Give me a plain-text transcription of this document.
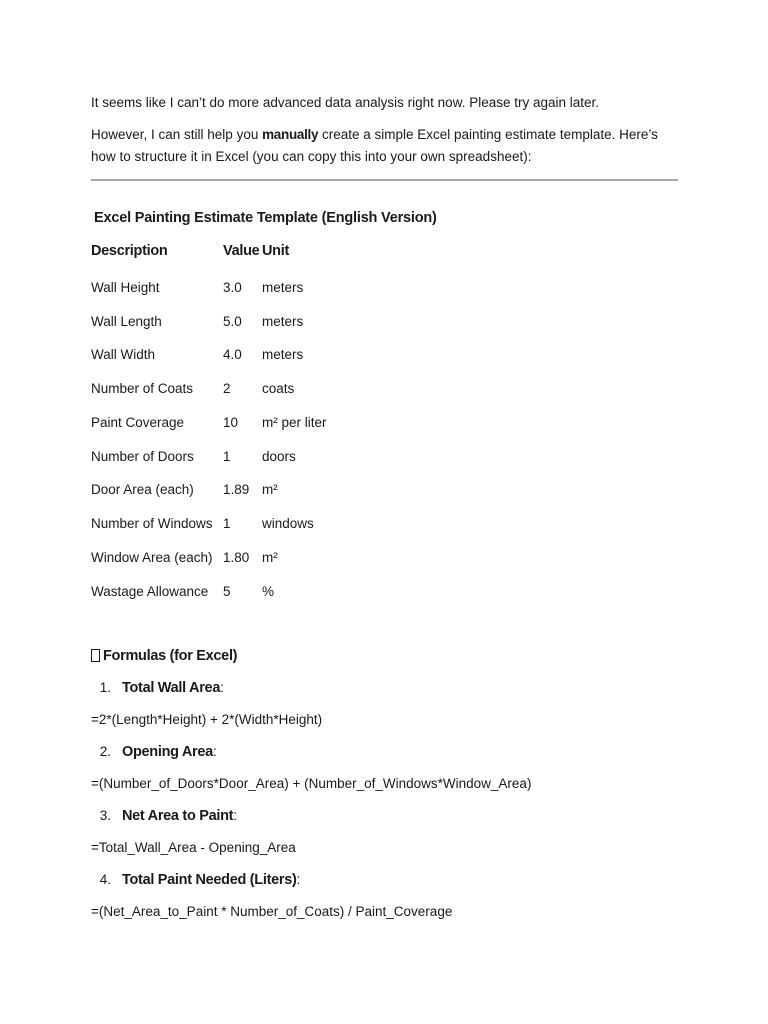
It seems like I can’t do more advanced data analysis right now. Please try again later.
However, I can still help you manually create a simple Excel painting estimate template. Here’s how to structure it in Excel (you can copy this into your own spreadsheet):
Excel Painting Estimate Template (English Version)
Description	Value Unit
Wall Height	3.0 meters
Wall Length	5.0 meters
Wall Width	4.0 meters
Number of Coats 2 coats
Paint Coverage	10 m² per liter
Number of Doors 1 doors
Door Area (each) 1.89 m²
Number of Windows 1 windows
Window Area (each) 1.80 m²
Wastage Allowance 5 %
Formulas (for Excel)
1. Total Wall Area:
=2*(Length*Height) + 2*(Width*Height)
2. Opening Area:
=(Number_of_Doors*Door_Area) + (Number_of_Windows*Window_Area)
3. Net Area to Paint:
=Total_Wall_Area - Opening_Area
4. Total Paint Needed (Liters):
=(Net_Area_to_Paint * Number_of_Coats) / Paint_Coverage
